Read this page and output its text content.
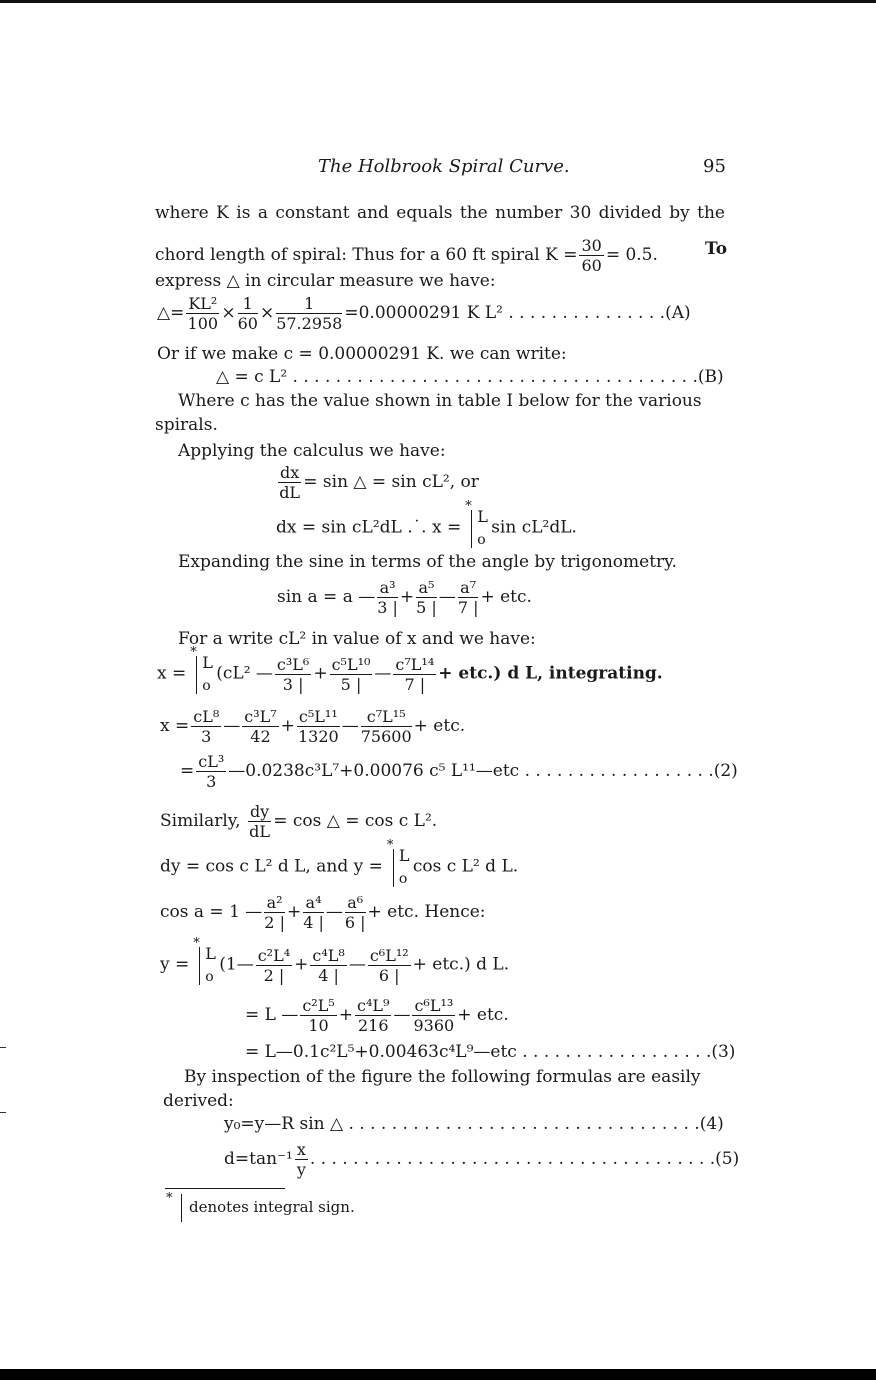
The Holbrook Spiral Curve.	95
where K is a constant and equals the number 30 divided by the
chord length of spiral: Thus for a 60 ft spiral $K = \frac{30}{60} = 0.5$.	To
express △ in circular measure we have:
△= $\frac{\text{KL²}}{100} \times \frac{1}{60} \times \frac{1}{57.2958} =0.00000291$ K L² . . . . . . . . . . . . . . .(A)
Or if we make c = 0.00000291 K. we can write:
△ = c L² . . . . . . . . . . . . . . . . . . . . . . . . . . . . . . . . . . . . . .(B)
Where c has the value shown in table I below for the various
spirals.
Applying the calculus we have:
$\frac{dx}{dL} = \sin$ △ = sin cL², or
dx = sin cL²dL .˙. x =
*
L
o
sin cL²dL.
Expanding the sine in terms of the angle by trigonometry.
sin a = a — $\frac{\text{a³}}{3 |} + \frac{\text{a⁵}}{5 |}$ — $\frac{\text{a⁷}}{7 |}$ + etc.
For a write cL² in value of x and we have:
x =
*
L
o
(cL² — $\frac{\text{c³L⁶}}{3 |} + \frac{\text{c⁵L¹⁰}}{5 |}$ — $\frac{\text{c⁷L¹⁴}}{7 |} + etc$.) d L, integrating.
$x = \frac{\text{cL⁸}}{3}$ — $\frac{\text{c³L⁷}}{42} + \frac{\text{c⁵L¹¹}}{1320}$ — $\frac{\text{c⁷L¹⁵}}{75600}$ + etc.
= $\frac{\text{cL³}}{3}$ —0.0238c³L⁷+0.00076 c⁵ L¹¹—etc . . . . . . . . . . . . . . . . . .(2)
Similarly, $\frac{dy}{dL} = \cos$ △ = cos c L².
dy = cos c L² d L, and y =
*
L
o
cos c L² d L.
cos a = 1 — $\frac{\text{a²}}{2 |} + \frac{\text{a⁴}}{4 |}$ — $\frac{\text{a⁶}}{6 |}$ + etc. Hence:
y =
*
L
o
(1— $\frac{\text{c²L⁴}}{2 |} + \frac{\text{c⁴L⁸}}{4 |}$ — $\frac{\text{c⁶L¹²}}{6 |} + etc$.) d L.
= L — $\frac{\text{c²L⁵}}{10} + \frac{\text{c⁴L⁹}}{216}$ — $\frac{\text{c⁶L¹³}}{9360}$ + etc.
= L—0.1c²L⁵+0.00463c⁴L⁹—etc . . . . . . . . . . . . . . . . . .(3)
By inspection of the figure the following formulas are easily
derived:
y₀=y—R sin △ . . . . . . . . . . . . . . . . . . . . . . . . . . . . . . . . .(4)
$d=\tan^{-1} \frac{x}{y}$ . . . . . . . . . . . . . . . . . . . . . . . . . . . . . . . . . . . . . .(5)
* denotes integral sign.
